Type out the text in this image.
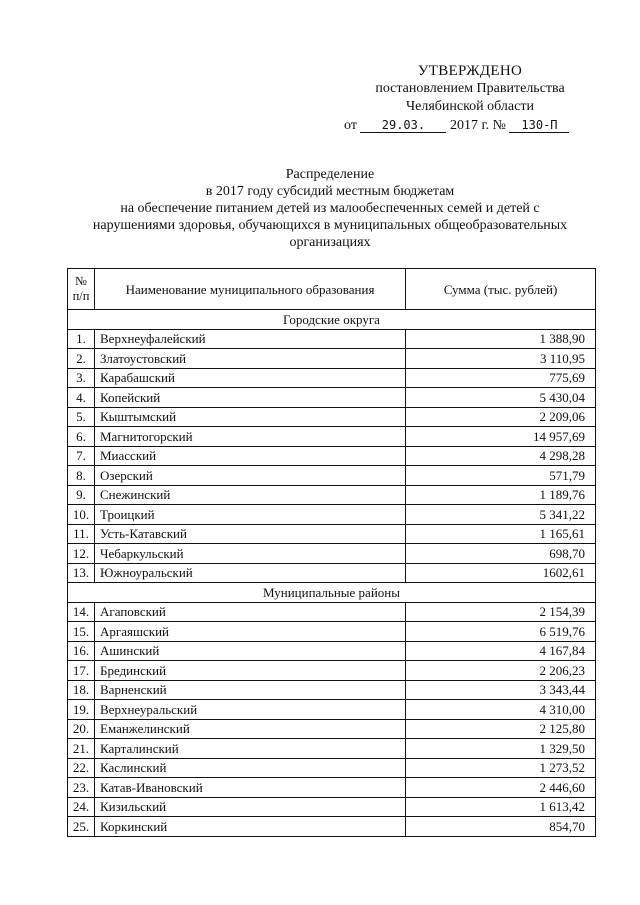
УТВЕРЖДЕНО
постановлением Правительства
Челябинской области
от 29.03. 2017 г. № 130-П
Распределение
в 2017 году субсидий местным бюджетам
на обеспечение питанием детей из малообеспеченных семей и детей с
нарушениями здоровья, обучающихся в муниципальных общеобразовательных
организациях
№
п/п	Наименование муниципального образования	Сумма (тыс. рублей)
Городские округа		
1.	Верхнеуфалейский	1 388,90
2.	Златоустовский	3 110,95
3.	Карабашский	775,69
4.	Копейский	5 430,04
5.	Кыштымский	2 209,06
6.	Магнитогорский	14 957,69
7.	Миасский	4 298,28
8.	Озерский	571,79
9.	Снежинский	1 189,76
10.	Троицкий	5 341,22
11.	Усть-Катавский	1 165,61
12.	Чебаркульский	698,70
13.	Южноуральский	1602,61
Муниципальные районы		
14.	Агаповский	2 154,39
15.	Аргаяшский	6 519,76
16.	Ашинский	4 167,84
17.	Брединский	2 206,23
18.	Варненский	3 343,44
19.	Верхнеуральский	4 310,00
20.	Еманжелинский	2 125,80
21.	Карталинский	1 329,50
22.	Каслинский	1 273,52
23.	Катав-Ивановский	2 446,60
24.	Кизильский	1 613,42
25.	Коркинский	854,70
